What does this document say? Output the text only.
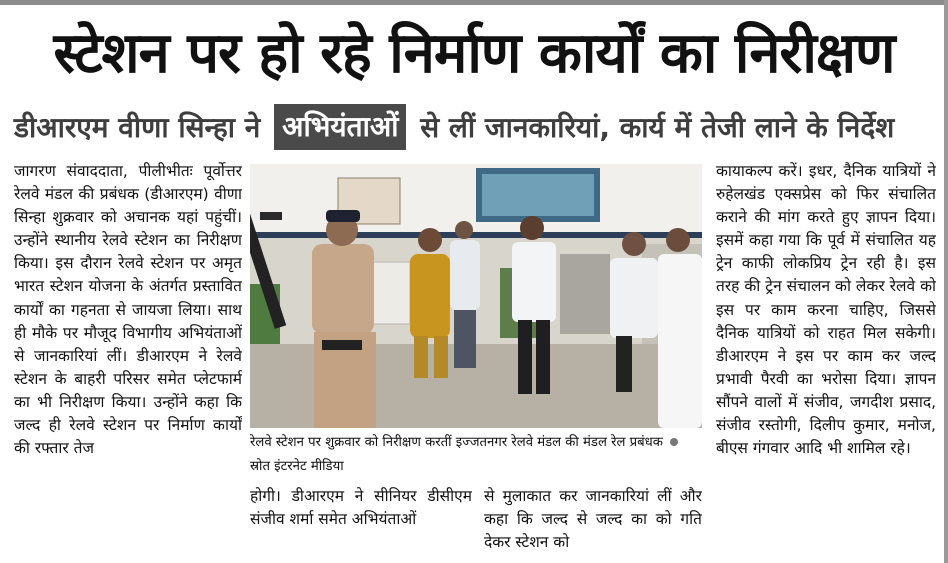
स्टेशन पर हो रहे निर्माण कार्यों का निरीक्षण
डीआरएम वीणा सिन्हा ने अभियंताओं से लीं जानकारियां, कार्य में तेजी लाने के निर्देश
जागरण संवाददाता, पीलीभीतः पूर्वोत्तर रेलवे मंडल की प्रबंधक (डीआरएम) वीणा सिन्हा शुक्रवार को अचानक यहां पहुंचीं। उन्होंने स्थानीय रेलवे स्टेशन का निरीक्षण किया। इस दौरान रेलवे स्टेशन पर अमृत भारत स्टेशन योजना के अंतर्गत प्रस्तावित कार्यों का गहनता से जायजा लिया। साथ ही मौके पर मौजूद विभागीय अभियंताओं से जानकारियां लीं। डीआरएम ने रेलवे स्टेशन के बाहरी परिसर समेत प्लेटफार्म का भी निरीक्षण किया। उन्होंने कहा कि जल्द ही रेलवे स्टेशन पर निर्माण कार्यों की रफ्तार तेज	रेलवे स्टेशन पर शुक्रवार को निरीक्षण करतीं इज्जतनगर रेलवे मंडल की मंडल रेल प्रबंधक  स्रोत इंटरनेट मीडिया
होगी। डीआरएम ने सीनियर डीसीएम संजीव शर्मा समेत अभियंताओं
से मुलाकात कर जानकारियां लीं और कहा कि जल्द से जल्द का को गति देकर स्टेशन को
कायाकल्प करें। इधर, दैनिक यात्रियों ने रुहेलखंड एक्सप्रेस को फिर संचालित कराने की मांग करते हुए ज्ञापन दिया। इसमें कहा गया कि पूर्व में संचालित यह ट्रेन काफी लोकप्रिय ट्रेन रही है। इस तरह की ट्रेन संचालन को लेकर रेलवे को इस पर काम करना चाहिए, जिससे दैनिक यात्रियों को राहत मिल सकेगी। डीआरएम ने इस पर काम कर जल्द प्रभावी पैरवी का भरोसा दिया। ज्ञापन सौंपने वालों में संजीव, जगदीश प्रसाद, संजीव रस्तोगी, दिलीप कुमार, मनोज, बीएस गंगवार आदि भी शामिल रहे।
